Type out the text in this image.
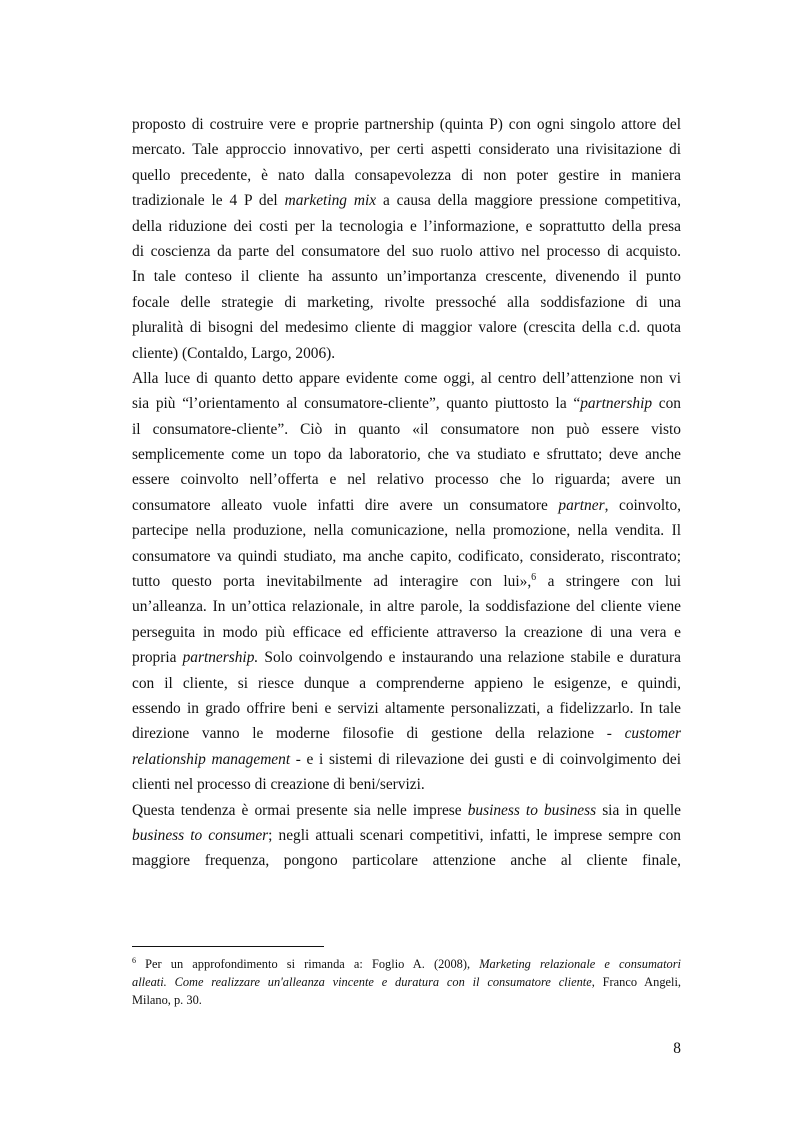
proposto di costruire vere e proprie partnership (quinta P) con ogni singolo attore del
mercato. Tale approccio innovativo, per certi aspetti considerato una rivisitazione di
quello precedente, è nato dalla consapevolezza di non poter gestire in maniera
tradizionale le 4 P del marketing mix a causa della maggiore pressione competitiva,
della riduzione dei costi per la tecnologia e l’informazione, e soprattutto della presa
di coscienza da parte del consumatore del suo ruolo attivo nel processo di acquisto.
In tale conteso il cliente ha assunto un’importanza crescente, divenendo il punto
focale delle strategie di marketing, rivolte pressoché alla soddisfazione di una
pluralità di bisogni del medesimo cliente di maggior valore (crescita della c.d. quota
cliente) (Contaldo, Largo, 2006).

Alla luce di quanto detto appare evidente come oggi, al centro dell’attenzione non vi
sia più “l’orientamento al consumatore-cliente”, quanto piuttosto la “partnership con
il consumatore-cliente”. Ciò in quanto «il consumatore non può essere visto
semplicemente come un topo da laboratorio, che va studiato e sfruttato; deve anche
essere coinvolto nell’offerta e nel relativo processo che lo riguarda; avere un
consumatore alleato vuole infatti dire avere un consumatore partner, coinvolto,
partecipe nella produzione, nella comunicazione, nella promozione, nella vendita. Il
consumatore va quindi studiato, ma anche capito, codificato, considerato, riscontrato;
tutto questo porta inevitabilmente ad interagire con lui»,$^6$ a stringere con lui
un’alleanza. In un’ottica relazionale, in altre parole, la soddisfazione del cliente viene
perseguita in modo più efficace ed efficiente attraverso la creazione di una vera e
propria partnership. Solo coinvolgendo e instaurando una relazione stabile e duratura
con il cliente, si riesce dunque a comprenderne appieno le esigenze, e quindi,
essendo in grado offrire beni e servizi altamente personalizzati, a fidelizzarlo. In tale
direzione vanno le moderne filosofie di gestione della relazione - customer
relationship management - e i sistemi di rilevazione dei gusti e di coinvolgimento dei
clienti nel processo di creazione di beni/servizi.

Questa tendenza è ormai presente sia nelle imprese business to business sia in quelle
business to consumer; negli attuali scenari competitivi, infatti, le imprese sempre con
maggiore frequenza, pongono particolare attenzione anche al cliente finale,

$^6$ Per un approfondimento si rimanda a: Foglio A. (2008), Marketing relazionale e consumatori
alleati. Come realizzare un'alleanza vincente e duratura con il consumatore cliente, Franco Angeli,
Milano, p. 30.
8
